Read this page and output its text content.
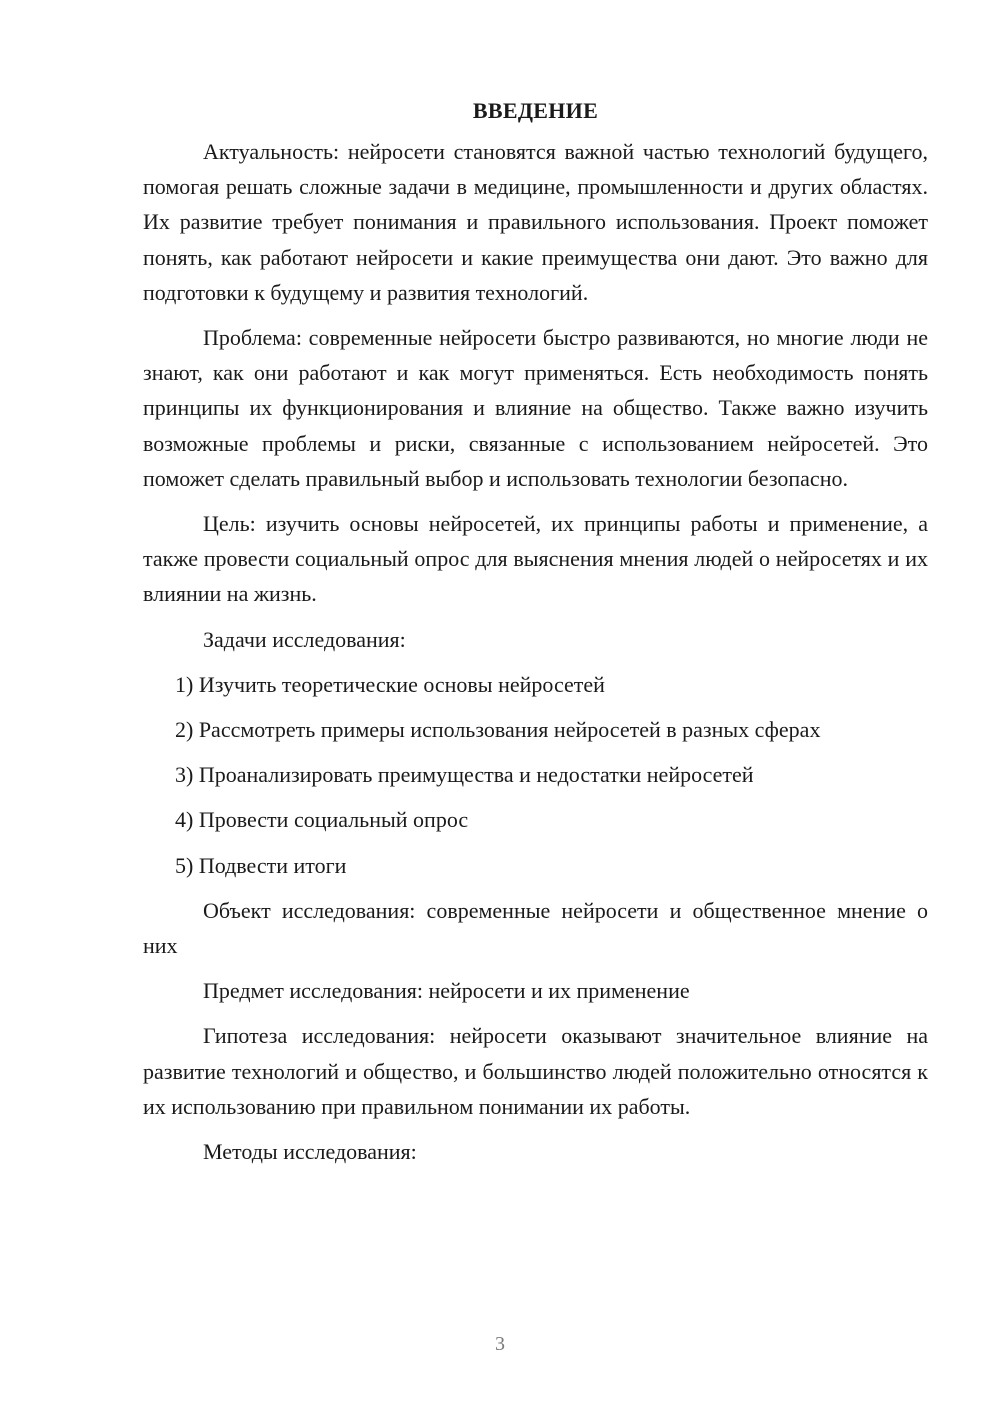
ВВЕДЕНИЕ

Актуальность: нейросети становятся важной частью технологий будущего, помогая решать сложные задачи в медицине, промышленности и других областях. Их развитие требует понимания и правильного использования. Проект поможет понять, как работают нейросети и какие преимущества они дают. Это важно для подготовки к будущему и развития технологий.

Проблема: современные нейросети быстро развиваются, но многие люди не знают, как они работают и как могут применяться. Есть необходимость понять принципы их функционирования и влияние на общество. Также важно изучить возможные проблемы и риски, связанные с использованием нейросетей. Это поможет сделать правильный выбор и использовать технологии безопасно.

Цель: изучить основы нейросетей, их принципы работы и применение, а также провести социальный опрос для выяснения мнения людей о нейросетях и их влиянии на жизнь.

Задачи исследования:

1) Изучить теоретические основы нейросетей
2) Рассмотреть примеры использования нейросетей в разных сферах
3) Проанализировать преимущества и недостатки нейросетей
4) Провести социальный опрос
5) Подвести итоги

Объект исследования: современные нейросети и общественное мнение о них

Предмет исследования: нейросети и их применение

Гипотеза исследования: нейросети оказывают значительное влияние на развитие технологий и общество, и большинство людей положительно относятся к их использованию при правильном понимании их работы.

Методы исследования:

3
